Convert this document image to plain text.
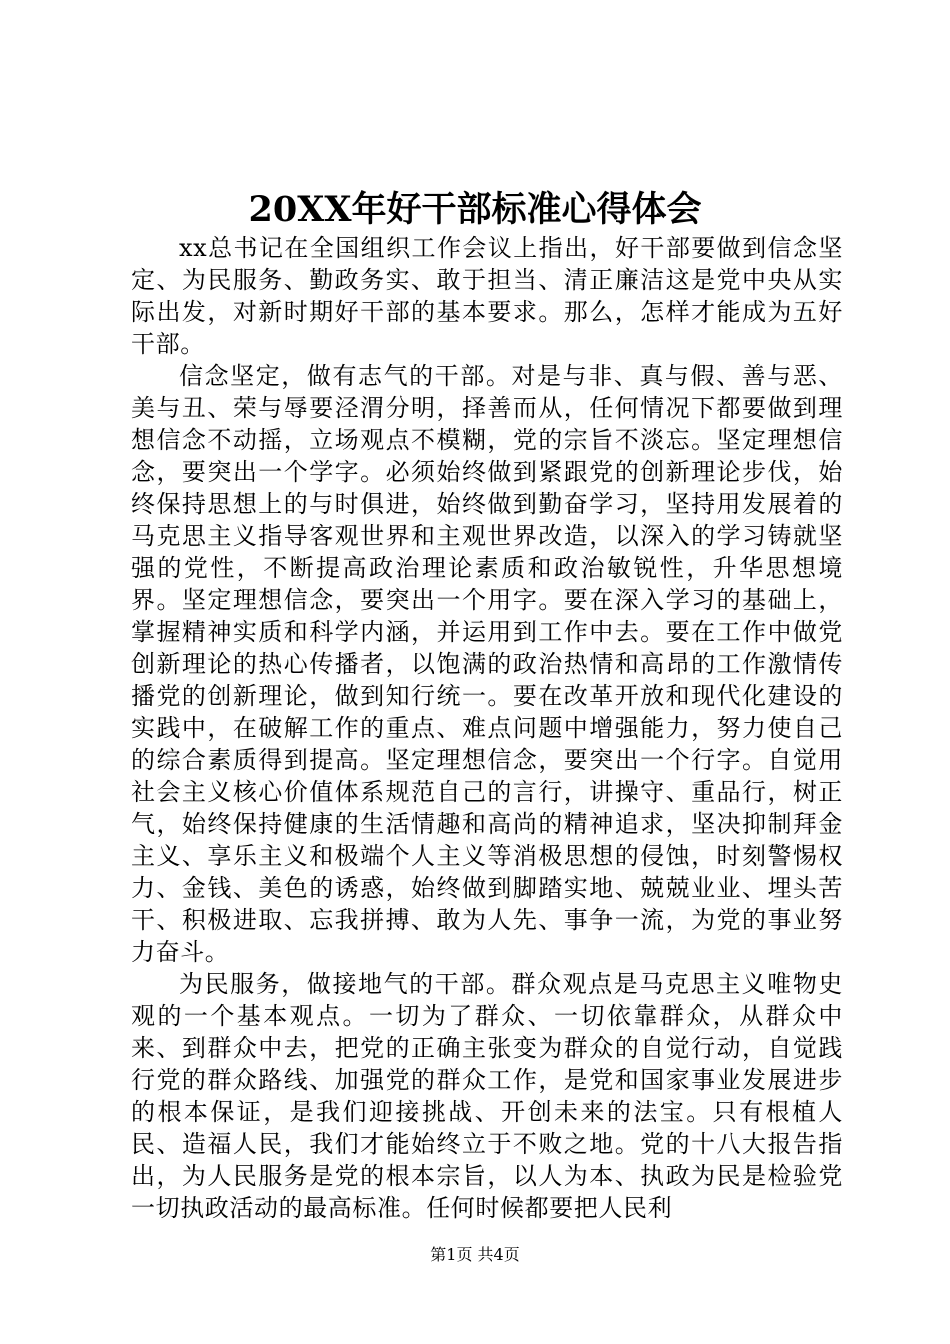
20XX年好干部标准心得体会

xx总书记在全国组织工作会议上指出，好干部要做到信念坚定、为民服务、勤政务实、敢于担当、清正廉洁这是党中央从实际出发，对新时期好干部的基本要求。那么，怎样才能成为五好干部。

信念坚定，做有志气的干部。对是与非、真与假、善与恶、美与丑、荣与辱要泾渭分明，择善而从，任何情况下都要做到理想信念不动摇，立场观点不模糊，党的宗旨不淡忘。坚定理想信念，要突出一个学字。必须始终做到紧跟党的创新理论步伐，始终保持思想上的与时俱进，始终做到勤奋学习，坚持用发展着的马克思主义指导客观世界和主观世界改造，以深入的学习铸就坚强的党性，不断提高政治理论素质和政治敏锐性，升华思想境界。坚定理想信念，要突出一个用字。要在深入学习的基础上，掌握精神实质和科学内涵，并运用到工作中去。要在工作中做党创新理论的热心传播者，以饱满的政治热情和高昂的工作激情传播党的创新理论，做到知行统一。要在改革开放和现代化建设的实践中，在破解工作的重点、难点问题中增强能力，努力使自己的综合素质得到提高。坚定理想信念，要突出一个行字。自觉用社会主义核心价值体系规范自己的言行，讲操守、重品行，树正气，始终保持健康的生活情趣和高尚的精神追求，坚决抑制拜金主义、享乐主义和极端个人主义等消极思想的侵蚀，时刻警惕权力、金钱、美色的诱惑，始终做到脚踏实地、兢兢业业、埋头苦干、积极进取、忘我拼搏、敢为人先、事争一流，为党的事业努力奋斗。

为民服务，做接地气的干部。群众观点是马克思主义唯物史观的一个基本观点。一切为了群众、一切依靠群众，从群众中来、到群众中去，把党的正确主张变为群众的自觉行动，自觉践行党的群众路线、加强党的群众工作，是党和国家事业发展进步的根本保证，是我们迎接挑战、开创未来的法宝。只有根植人民、造福人民，我们才能始终立于不败之地。党的十八大报告指出，为人民服务是党的根本宗旨，以人为本、执政为民是检验党一切执政活动的最高标准。任何时候都要把人民利

第1页 共4页
